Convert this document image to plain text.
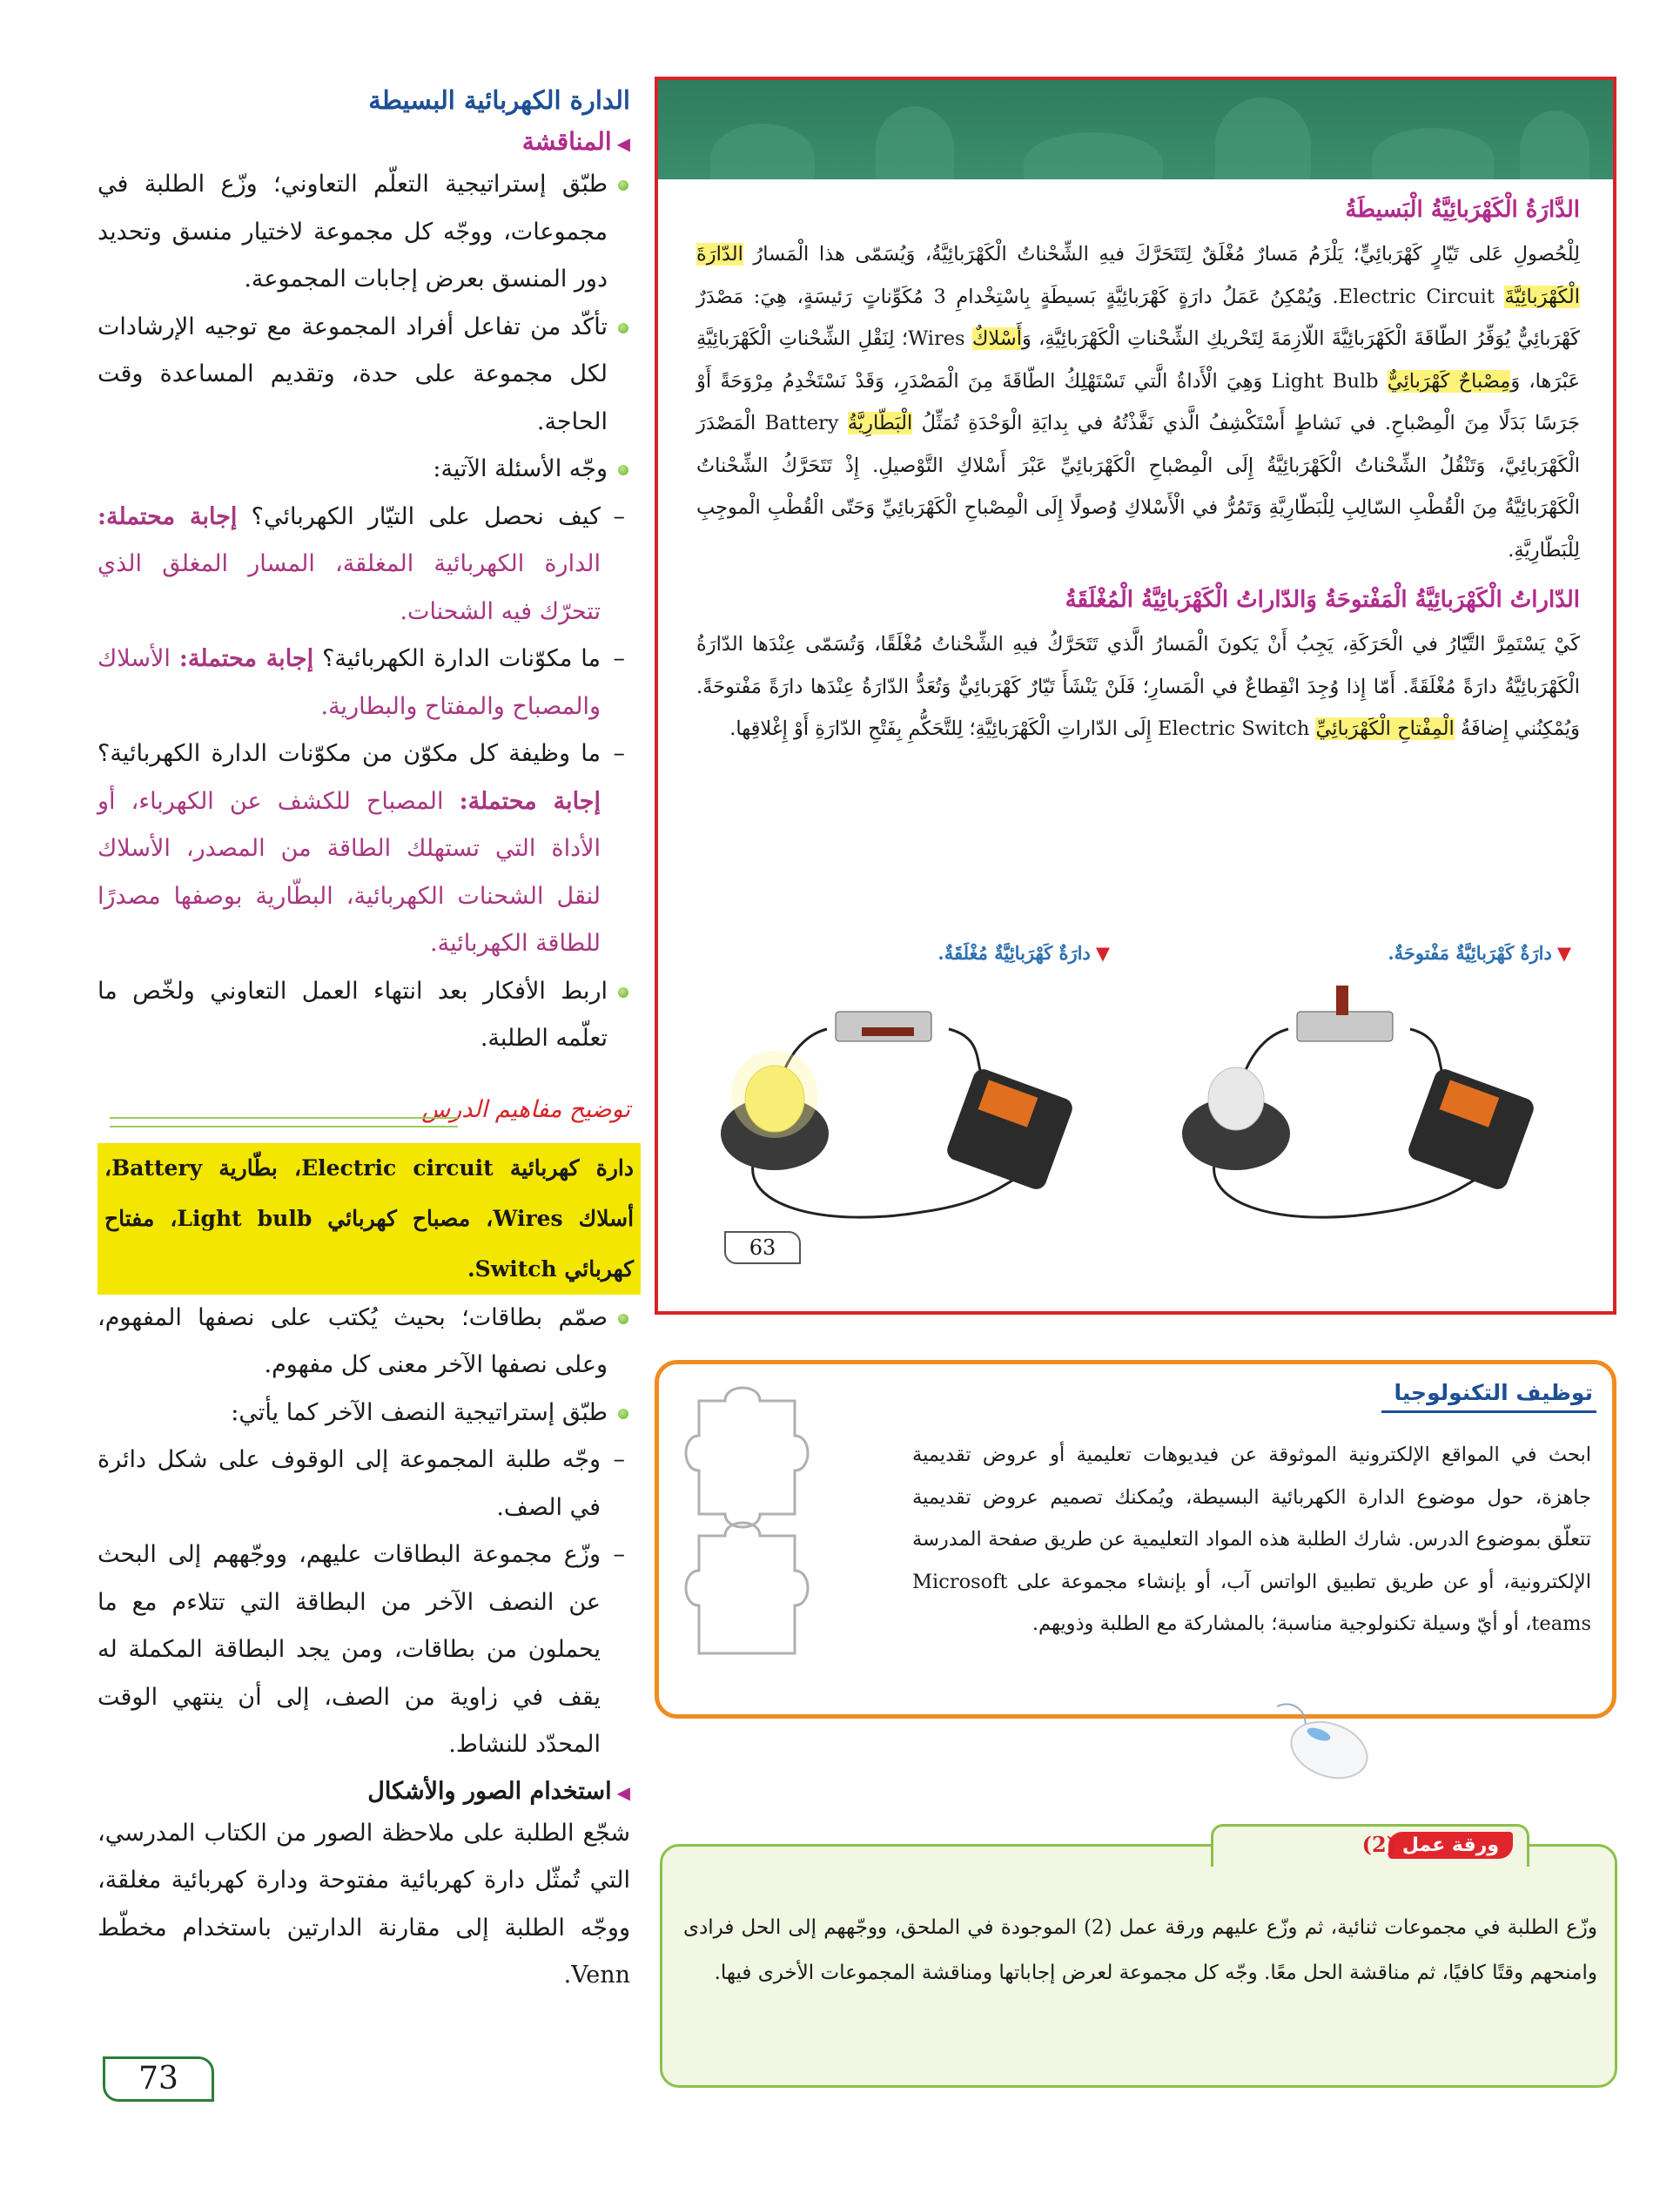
الدَّارَةُ الْكَهْرَبائِيَّةُ الْبَسيطَةُ

لِلْحُصولِ عَلى تَيّارٍ كَهْرَبائِيٍّ؛ يَلْزَمُ مَسارٌ مُغْلَقٌ لِتَتَحَرَّكَ فيهِ الشِّحْناتُ الْكَهْرَبائِيَّةُ، وَيُسَمّى هذا الْمَسارُ الدّارَةَ الْكَهْرَبائِيَّةَ Electric Circuit. وَيُمْكِنُ عَمَلُ دارَةٍ كَهْرَبائِيَّةٍ بَسيطَةٍ بِاسْتِخْدامِ 3 مُكَوِّناتٍ رَئيسَةٍ، هِيَ: مَصْدَرٌ كَهْرَبائِيٌّ يُوَفِّرُ الطّاقَةَ الْكَهْرَبائِيَّةَ اللّازِمَةَ لِتَحْريكِ الشِّحْناتِ الْكَهْرَبائِيَّةِ، وَأَسْلاكٌ Wires؛ لِنَقْلِ الشِّحْناتِ الْكَهْرَبائِيَّةِ عَبْرَها، وَمِصْباحٌ كَهْرَبائِيٌّ Light Bulb وَهِيَ الْأَداةُ الَّتي تَسْتَهْلِكُ الطّاقَةَ مِنَ الْمَصْدَرِ، وَقَدْ نَسْتَخْدِمُ مِرْوَحَةً أَوْ جَرَسًا بَدَلًا مِنَ الْمِصْباحِ. في نَشاطٍ أَسْتَكْشِفُ الَّذي نَفَّذْتُهُ في بِدايَةِ الْوَحْدَةِ تُمَثِّلُ الْبَطّارِيَّةُ Battery الْمَصْدَرَ الْكَهْرَبائِيَّ، وَتَنْقُلُ الشِّحْناتُ الْكَهْرَبائِيَّةُ إِلَى الْمِصْباحِ الْكَهْرَبائِيِّ عَبْرَ أَسْلاكِ التَّوْصيلِ. إِذْ تَتَحَرَّكُ الشِّحْناتُ الْكَهْرَبائِيَّةُ مِنَ الْقُطْبِ السّالِبِ لِلْبَطّارِيَّةِ وَتَمُرُّ في الْأَسْلاكِ وُصولًا إِلَى الْمِصْباحِ الْكَهْرَبائِيِّ وَحَتّى الْقُطْبِ الْموجِبِ لِلْبَطّارِيَّةِ.

الدّاراتُ الْكَهْرَبائِيَّةُ الْمَفْتوحَةُ وَالدّاراتُ الْكَهْرَبائِيَّةُ الْمُغْلَقَةُ

كَيْ يَسْتَمِرَّ التَّيّارُ في الْحَرَكَةِ، يَجِبُ أَنْ يَكونَ الْمَسارُ الَّذي تَتَحَرَّكُ فيهِ الشِّحْناتُ مُغْلَقًا، وَتُسَمّى عِنْدَها الدّارَةُ الْكَهْرَبائِيَّةُ دارَةً مُغْلَقَةً. أَمّا إِذا وُجِدَ انْقِطاعٌ في الْمَسارِ؛ فَلَنْ يَنْشَأَ تَيّارٌ كَهْرَبائِيٌّ وَتُعَدُّ الدّارَةُ عِنْدَها دارَةً مَفْتوحَةً. وَيُمْكِنُني إِضافَةُ الْمِفْتاحِ الْكَهْرَبائِيِّ Electric Switch إِلَى الدّاراتِ الْكَهْرَبائِيَّةِ؛ لِلتَّحَكُّمِ بِفَتْحِ الدّارَةِ أَوْ إِغْلاقِها.

▼دارَةٌ كَهْرَبائِيَّةٌ مَفْتوحَةٌ.
▼دارَةٌ كَهْرَبائِيَّةٌ مُغْلَقَةٌ.
63
توظيف التكنولوجيا

ابحث في المواقع الإلكترونية الموثوقة عن فيديوهات تعليمية أو عروض تقديمية جاهزة، حول موضوع الدارة الكهربائية البسيطة، ويُمكنك تصميم عروض تقديمية تتعلّق بموضوع الدرس. شارك الطلبة هذه المواد التعليمية عن طريق صفحة المدرسة الإلكترونية، أو عن طريق تطبيق الواتس آب، أو بإنشاء مجموعة على Microsoft teams، أو أيّ وسيلة تكنولوجية مناسبة؛ بالمشاركة مع الطلبة وذويهم.

ورقة عمل
(2)

وزّع الطلبة في مجموعات ثنائية، ثم وزّع عليهم ورقة عمل (2) الموجودة في الملحق، ووجّههم إلى الحل فرادى وامنحهم وقتًا كافيًا، ثم مناقشة الحل معًا. وجّه كل مجموعة لعرض إجاباتها ومناقشة المجموعات الأخرى فيها.

الدارة الكهربائية البسيطة
◀المناقشة

طبّق إستراتيجية التعلّم التعاوني؛ وزّع الطلبة في مجموعات، ووجّه كل مجموعة لاختيار منسق وتحديد دور المنسق بعرض إجابات المجموعة.

تأكّد من تفاعل أفراد المجموعة مع توجيه الإرشادات لكل مجموعة على حدة، وتقديم المساعدة وقت الحاجة.

وجّه الأسئلة الآتية:

– كيف نحصل على التيّار الكهربائي؟ إجابة محتملة: الدارة الكهربائية المغلقة، المسار المغلق الذي تتحرّك فيه الشحنات.

– ما مكوّنات الدارة الكهربائية؟ إجابة محتملة: الأسلاك والمصباح والمفتاح والبطارية.

– ما وظيفة كل مكوّن من مكوّنات الدارة الكهربائية؟ إجابة محتملة: المصباح للكشف عن الكهرباء، أو الأداة التي تستهلك الطاقة من المصدر، الأسلاك لنقل الشحنات الكهربائية، البطّارية بوصفها مصدرًا للطاقة الكهربائية.

اربط الأفكار بعد انتهاء العمل التعاوني ولخّص ما تعلّمه الطلبة.

توضيح مفاهيم الدرس

دارة كهربائية Electric circuit، بطّارية Battery، أسلاك Wires، مصباح كهربائي Light bulb، مفتاح كهربائي Switch.

صمّم بطاقات؛ بحيث يُكتب على نصفها المفهوم، وعلى نصفها الآخر معنى كل مفهوم.

طبّق إستراتيجية النصف الآخر كما يأتي:

– وجّه طلبة المجموعة إلى الوقوف على شكل دائرة في الصف.

– وزّع مجموعة البطاقات عليهم، ووجّههم إلى البحث عن النصف الآخر من البطاقة التي تتلاءم مع ما يحملون من بطاقات، ومن يجد البطاقة المكملة له يقف في زاوية من الصف، إلى أن ينتهي الوقت المحدّد للنشاط.

◀استخدام الصور والأشكال

شجّع الطلبة على ملاحظة الصور من الكتاب المدرسي، التي تُمثّل دارة كهربائية مفتوحة ودارة كهربائية مغلقة، ووجّه الطلبة إلى مقارنة الدارتين باستخدام مخطّط Venn.

73
